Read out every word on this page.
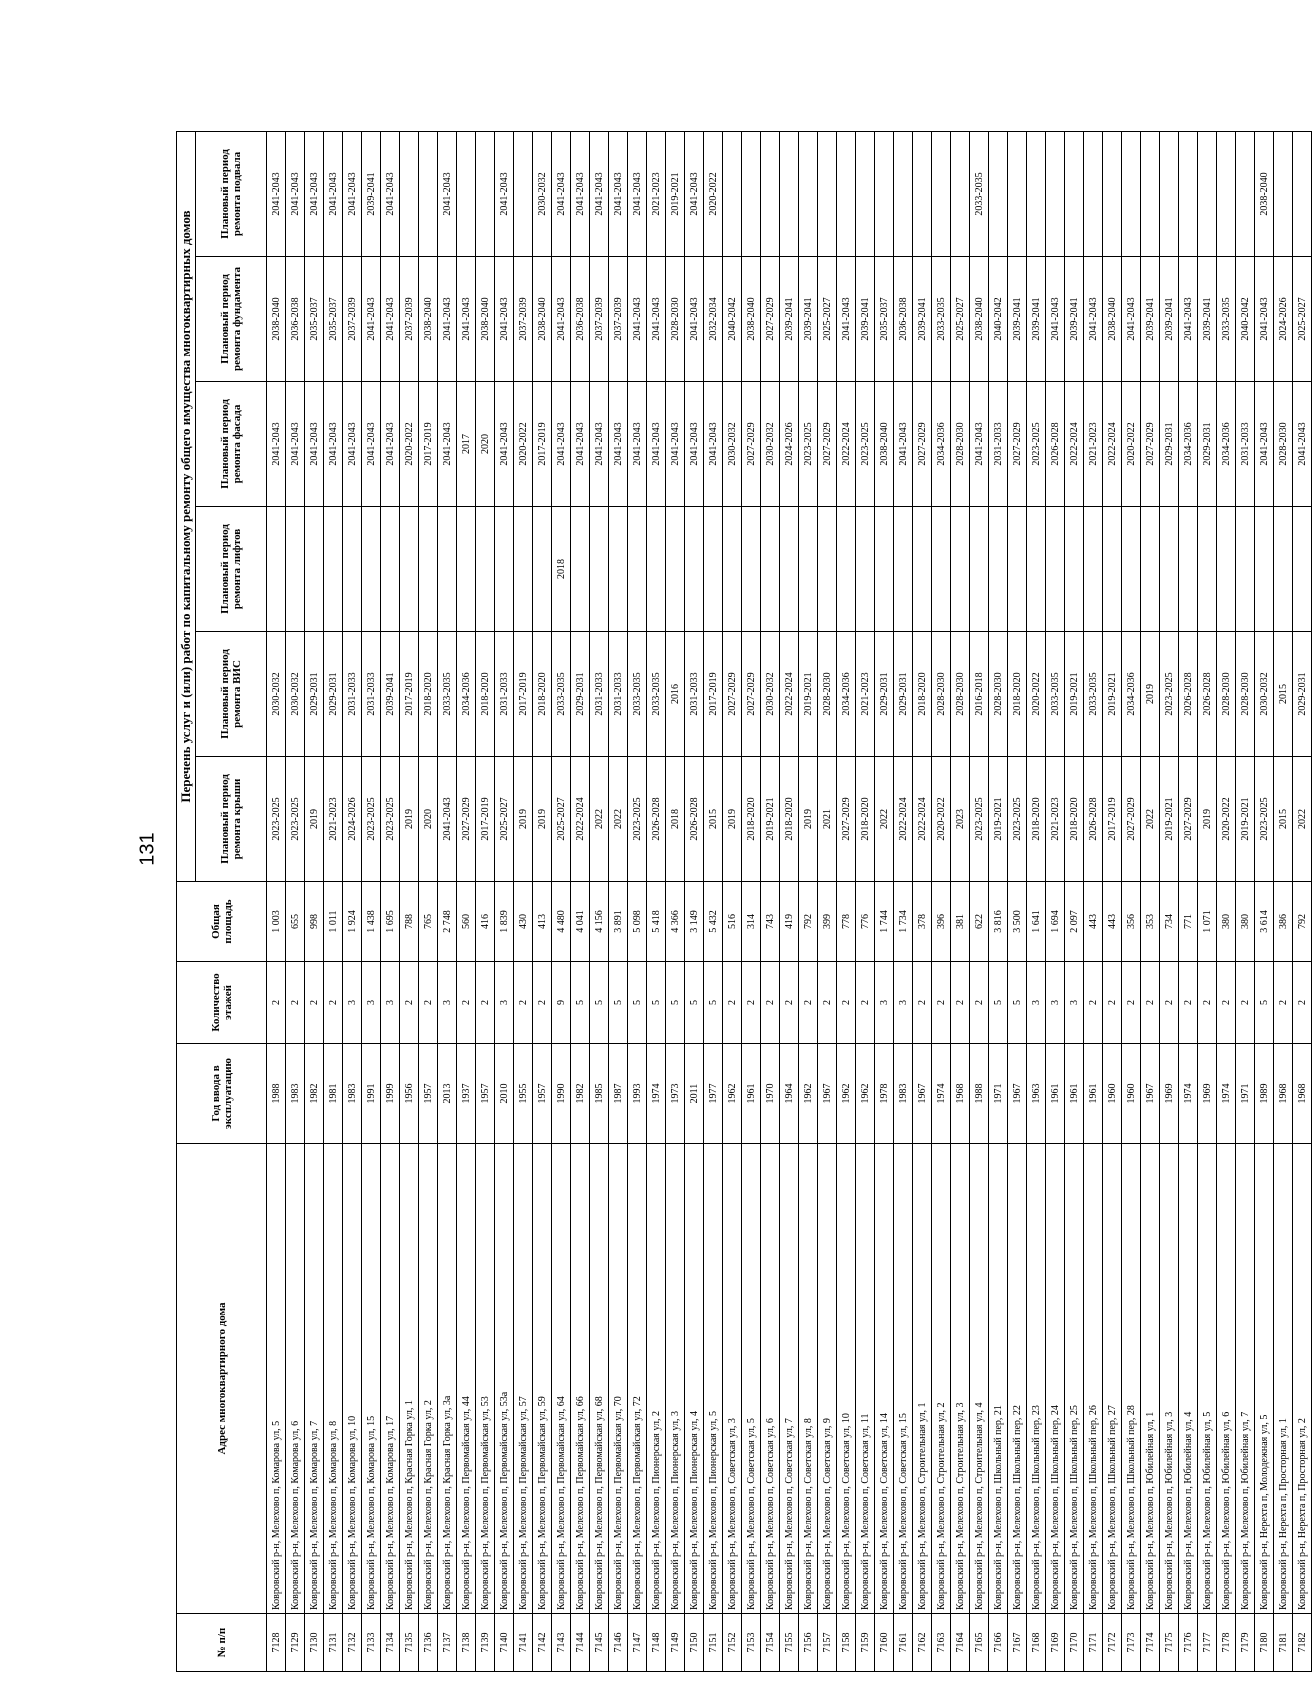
131
№ п/п	Адрес многоквартирного дома	Год ввода в эксплуатацию	Количество этажей	Общая площадь	Перечень услуг и (или) работ по капитальному ремонту общего имущества многоквартирных домов					
					Плановый период ремонта крыши	Плановый период ремонта ВИС	Плановый период ремонта лифтов	Плановый период ремонта фасада	Плановый период ремонта фундамента	Плановый период ремонта подвала
7128	Ковровский р-н, Мелехово п, Комарова ул, 5	1988	2	1 003	2023-2025	2030-2032		2041-2043	2038-2040	2041-2043
7129	Ковровский р-н, Мелехово п, Комарова ул, 6	1983	2	655	2023-2025	2030-2032		2041-2043	2036-2038	2041-2043
7130	Ковровский р-н, Мелехово п, Комарова ул, 7	1982	2	998	2019	2029-2031		2041-2043	2035-2037	2041-2043
7131	Ковровский р-н, Мелехово п, Комарова ул, 8	1981	2	1 011	2021-2023	2029-2031		2041-2043	2035-2037	2041-2043
7132	Ковровский р-н, Мелехово п, Комарова ул, 10	1983	3	1 924	2024-2026	2031-2033		2041-2043	2037-2039	2041-2043
7133	Ковровский р-н, Мелехово п, Комарова ул, 15	1991	3	1 438	2023-2025	2031-2033		2041-2043	2041-2043	2039-2041
7134	Ковровский р-н, Мелехово п, Комарова ул, 17	1999	3	1 695	2023-2025	2039-2041		2041-2043	2041-2043	2041-2043
7135	Ковровский р-н, Мелехово п, Красная Горка ул, 1	1956	2	788	2019	2017-2019		2020-2022	2037-2039	
7136	Ковровский р-н, Мелехово п, Красная Горка ул, 2	1957	2	765	2020	2018-2020		2017-2019	2038-2040	
7137	Ковровский р-н, Мелехово п, Красная Горка ул, 3а	2013	3	2 748	2041-2043	2033-2035		2041-2043	2041-2043	2041-2043
7138	Ковровский р-н, Мелехово п, Первомайская ул, 44	1937	2	560	2027-2029	2034-2036		2017	2041-2043	
7139	Ковровский р-н, Мелехово п, Первомайская ул, 53	1957	2	416	2017-2019	2018-2020		2020	2038-2040	
7140	Ковровский р-н, Мелехово п, Первомайская ул, 53а	2010	3	1 839	2025-2027	2031-2033		2041-2043	2041-2043	2041-2043
7141	Ковровский р-н, Мелехово п, Первомайская ул, 57	1955	2	430	2019	2017-2019		2020-2022	2037-2039	
7142	Ковровский р-н, Мелехово п, Первомайская ул, 59	1957	2	413	2019	2018-2020		2017-2019	2038-2040	2030-2032
7143	Ковровский р-н, Мелехово п, Первомайская ул, 64	1990	9	4 480	2025-2027	2033-2035	2018	2041-2043	2041-2043	2041-2043
7144	Ковровский р-н, Мелехово п, Первомайская ул, 66	1982	5	4 041	2022-2024	2029-2031		2041-2043	2036-2038	2041-2043
7145	Ковровский р-н, Мелехово п, Первомайская ул, 68	1985	5	4 156	2022	2031-2033		2041-2043	2037-2039	2041-2043
7146	Ковровский р-н, Мелехово п, Первомайская ул, 70	1987	5	3 891	2022	2031-2033		2041-2043	2037-2039	2041-2043
7147	Ковровский р-н, Мелехово п, Первомайская ул, 72	1993	5	5 098	2023-2025	2033-2035		2041-2043	2041-2043	2041-2043
7148	Ковровский р-н, Мелехово п, Пионерская ул, 2	1974	5	5 418	2026-2028	2033-2035		2041-2043	2041-2043	2021-2023
7149	Ковровский р-н, Мелехово п, Пионерская ул, 3	1973	5	4 366	2018	2016		2041-2043	2028-2030	2019-2021
7150	Ковровский р-н, Мелехово п, Пионерская ул, 4	2011	5	3 149	2026-2028	2031-2033		2041-2043	2041-2043	2041-2043
7151	Ковровский р-н, Мелехово п, Пионерская ул, 5	1977	5	5 432	2015	2017-2019		2041-2043	2032-2034	2020-2022
7152	Ковровский р-н, Мелехово п, Советская ул, 3	1962	2	516	2019	2027-2029		2030-2032	2040-2042	
7153	Ковровский р-н, Мелехово п, Советская ул, 5	1961	2	314	2018-2020	2027-2029		2027-2029	2038-2040	
7154	Ковровский р-н, Мелехово п, Советская ул, 6	1970	2	743	2019-2021	2030-2032		2030-2032	2027-2029	
7155	Ковровский р-н, Мелехово п, Советская ул, 7	1964	2	419	2018-2020	2022-2024		2024-2026	2039-2041	
7156	Ковровский р-н, Мелехово п, Советская ул, 8	1962	2	792	2019	2019-2021		2023-2025	2039-2041	
7157	Ковровский р-н, Мелехово п, Советская ул, 9	1967	2	399	2021	2028-2030		2027-2029	2025-2027	
7158	Ковровский р-н, Мелехово п, Советская ул, 10	1962	2	778	2027-2029	2034-2036		2022-2024	2041-2043	
7159	Ковровский р-н, Мелехово п, Советская ул, 11	1962	2	776	2018-2020	2021-2023		2023-2025	2039-2041	
7160	Ковровский р-н, Мелехово п, Советская ул, 14	1978	3	1 744	2022	2029-2031		2038-2040	2035-2037	
7161	Ковровский р-н, Мелехово п, Советская ул, 15	1983	3	1 734	2022-2024	2029-2031		2041-2043	2036-2038	
7162	Ковровский р-н, Мелехово п, Строительная ул, 1	1967	2	378	2022-2024	2018-2020		2027-2029	2039-2041	
7163	Ковровский р-н, Мелехово п, Строительная ул, 2	1974	2	396	2020-2022	2028-2030		2034-2036	2033-2035	
7164	Ковровский р-н, Мелехово п, Строительная ул, 3	1968	2	381	2023	2028-2030		2028-2030	2025-2027	
7165	Ковровский р-н, Мелехово п, Строительная ул, 4	1988	2	622	2023-2025	2016-2018		2041-2043	2038-2040	2033-2035
7166	Ковровский р-н, Мелехово п, Школьный пер, 21	1971	5	3 816	2019-2021	2028-2030		2031-2033	2040-2042	
7167	Ковровский р-н, Мелехово п, Школьный пер, 22	1967	5	3 500	2023-2025	2018-2020		2027-2029	2039-2041	
7168	Ковровский р-н, Мелехово п, Школьный пер, 23	1963	3	1 641	2018-2020	2020-2022		2023-2025	2039-2041	
7169	Ковровский р-н, Мелехово п, Школьный пер, 24	1961	3	1 694	2021-2023	2033-2035		2026-2028	2041-2043	
7170	Ковровский р-н, Мелехово п, Школьный пер, 25	1961	3	2 097	2018-2020	2019-2021		2022-2024	2039-2041	
7171	Ковровский р-н, Мелехово п, Школьный пер, 26	1961	2	443	2026-2028	2033-2035		2021-2023	2041-2043	
7172	Ковровский р-н, Мелехово п, Школьный пер, 27	1960	2	443	2017-2019	2019-2021		2022-2024	2038-2040	
7173	Ковровский р-н, Мелехово п, Школьный пер, 28	1960	2	356	2027-2029	2034-2036		2020-2022	2041-2043	
7174	Ковровский р-н, Мелехово п, Юбилейная ул, 1	1967	2	353	2022	2019		2027-2029	2039-2041	
7175	Ковровский р-н, Мелехово п, Юбилейная ул, 3	1969	2	734	2019-2021	2023-2025		2029-2031	2039-2041	
7176	Ковровский р-н, Мелехово п, Юбилейная ул, 4	1974	2	771	2027-2029	2026-2028		2034-2036	2041-2043	
7177	Ковровский р-н, Мелехово п, Юбилейная ул, 5	1969	2	1 071	2019	2026-2028		2029-2031	2039-2041	
7178	Ковровский р-н, Мелехово п, Юбилейная ул, 6	1974	2	380	2020-2022	2028-2030		2034-2036	2033-2035	
7179	Ковровский р-н, Мелехово п, Юбилейная ул, 7	1971	2	380	2019-2021	2028-2030		2031-2033	2040-2042	
7180	Ковровский р-н, Нерехта п, Молодежная ул, 5	1989	5	3 614	2023-2025	2030-2032		2041-2043	2041-2043	2038-2040
7181	Ковровский р-н, Нерехта п, Просторная ул, 1	1968	2	386	2015	2015		2028-2030	2024-2026	
7182	Ковровский р-н, Нерехта п, Просторная ул, 2	1968	2	792	2022	2029-2031		2041-2043	2025-2027	
